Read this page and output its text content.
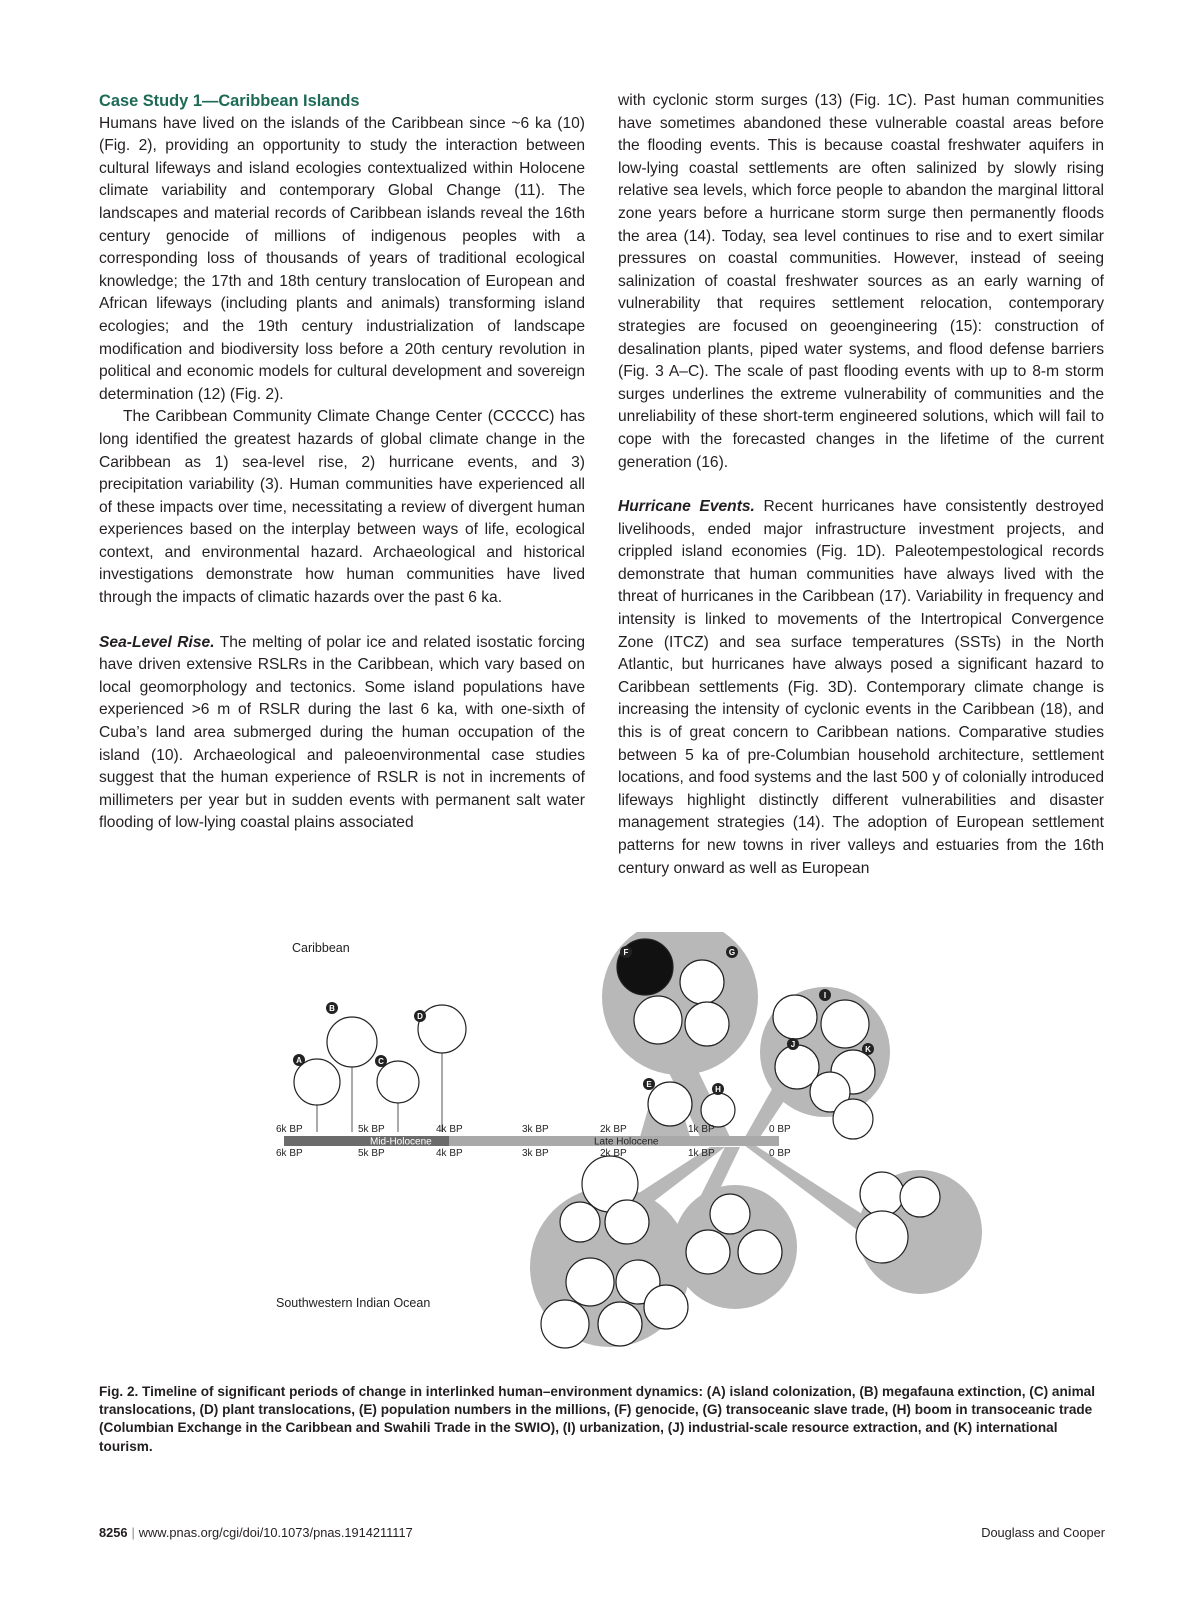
Case Study 1—Caribbean Islands

Humans have lived on the islands of the Caribbean since ~6 ka (10) (Fig. 2), providing an opportunity to study the interaction between cultural lifeways and island ecologies contextualized within Holocene climate variability and contemporary Global Change (11). The landscapes and material records of Caribbean islands reveal the 16th century genocide of millions of indigenous peoples with a corresponding loss of thousands of years of traditional ecological knowledge; the 17th and 18th century translocation of European and African lifeways (including plants and animals) transforming island ecologies; and the 19th century industrialization of landscape modification and biodiversity loss before a 20th century revolution in political and economic models for cultural development and sovereign determination (12) (Fig. 2).

The Caribbean Community Climate Change Center (CCCCC) has long identified the greatest hazards of global climate change in the Caribbean as 1) sea-level rise, 2) hurricane events, and 3) precipitation variability (3). Human communities have experienced all of these impacts over time, necessitating a review of divergent human experiences based on the interplay between ways of life, ecological context, and environmental hazard. Archaeological and historical investigations demonstrate how human communities have lived through the impacts of climatic hazards over the past 6 ka.

Sea-Level Rise. The melting of polar ice and related isostatic forcing have driven extensive RSLRs in the Caribbean, which vary based on local geomorphology and tectonics. Some island populations have experienced >6 m of RSLR during the last 6 ka, with one-sixth of Cuba’s land area submerged during the human occupation of the island (10). Archaeological and paleoenvironmental case studies suggest that the human experience of RSLR is not in increments of millimeters per year but in sudden events with permanent salt water flooding of low-lying coastal plains associated

with cyclonic storm surges (13) (Fig. 1C). Past human communities have sometimes abandoned these vulnerable coastal areas before the flooding events. This is because coastal freshwater aquifers in low-lying coastal settlements are often salinized by slowly rising relative sea levels, which force people to abandon the marginal littoral zone years before a hurricane storm surge then permanently floods the area (14). Today, sea level continues to rise and to exert similar pressures on coastal communities. However, instead of seeing salinization of coastal freshwater sources as an early warning of vulnerability that requires settlement relocation, contemporary strategies are focused on geoengineering (15): construction of desalination plants, piped water systems, and flood defense barriers (Fig. 3 A–C). The scale of past flooding events with up to 8-m storm surges underlines the extreme vulnerability of communities and the unreliability of these short-term engineered solutions, which will fail to cope with the forecasted changes in the lifetime of the current generation (16).

Hurricane Events. Recent hurricanes have consistently destroyed livelihoods, ended major infrastructure investment projects, and crippled island economies (Fig. 1D). Paleotempestological records demonstrate that human communities have always lived with the threat of hurricanes in the Caribbean (17). Variability in frequency and intensity is linked to movements of the Intertropical Convergence Zone (ITCZ) and sea surface temperatures (SSTs) in the North Atlantic, but hurricanes have always posed a significant hazard to Caribbean settlements (Fig. 3D). Contemporary climate change is increasing the intensity of cyclonic events in the Caribbean (18), and this is of great concern to Caribbean nations. Comparative studies between 5 ka of pre-Columbian household architecture, settlement locations, and food systems and the last 500 y of colonially introduced lifeways highlight distinctly different vulnerabilities and disaster management strategies (14). The adoption of European settlement patterns for new towns in river valleys and estuaries from the 16th century onward as well as European

Mid-Holocene	Late Holocene
6k BP	5k BP	4k BP	3k BP	2k BP	1k BP	0 BP
6k BP	5k BP	4k BP	3k BP	2k BP	1k BP	0 BP
Caribbean
Southwestern Indian Ocean
A
B
C
D
E
F	G
H
I
J
K
Fig. 2. Timeline of significant periods of change in interlinked human–environment dynamics: (A) island colonization, (B) megafauna extinction, (C) animal translocations, (D) plant translocations, (E) population numbers in the millions, (F) genocide, (G) transoceanic slave trade, (H) boom in transoceanic trade (Columbian Exchange in the Caribbean and Swahili Trade in the SWIO), (I) urbanization, (J) industrial-scale resource extraction, and (K) international tourism.
8256 | www.pnas.org/cgi/doi/10.1073/pnas.1914211117	Douglass and Cooper
